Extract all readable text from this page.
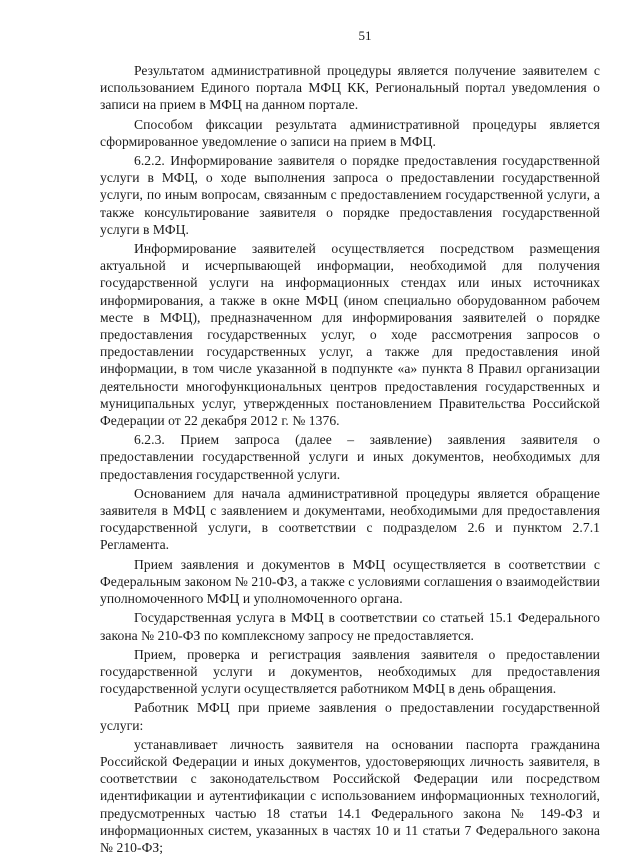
51

Результатом административной процедуры является получение заявителем с использованием Единого портала МФЦ КК, Региональный портал уведомления о записи на прием в МФЦ на данном портале.

Способом фиксации результата административной процедуры является сформированное уведомление о записи на прием в МФЦ.

6.2.2. Информирование заявителя о порядке предоставления государственной услуги в МФЦ, о ходе выполнения запроса о предоставлении государственной услуги, по иным вопросам, связанным с предоставлением государственной услуги, а также консультирование заявителя о порядке предоставления государственной услуги в МФЦ.

Информирование заявителей осуществляется посредством размещения актуальной и исчерпывающей информации, необходимой для получения государственной услуги на информационных стендах или иных источниках информирования, а также в окне МФЦ (ином специально оборудованном рабочем месте в МФЦ), предназначенном для информирования заявителей о порядке предоставления государственных услуг, о ходе рассмотрения запросов о предоставлении государственных услуг, а также для предоставления иной информации, в том числе указанной в подпункте «а» пункта 8 Правил организации деятельности многофункциональных центров предоставления государственных и муниципальных услуг, утвержденных постановлением Правительства Российской Федерации от 22 декабря 2012 г. № 1376.

6.2.3. Прием запроса (далее – заявление) заявления заявителя о предоставлении государственной услуги и иных документов, необходимых для предоставления государственной услуги.

Основанием для начала административной процедуры является обращение заявителя в МФЦ с заявлением и документами, необходимыми для предоставления государственной услуги, в соответствии с подразделом 2.6 и пунктом 2.7.1 Регламента.

Прием заявления и документов в МФЦ осуществляется в соответствии с Федеральным законом № 210-ФЗ, а также с условиями соглашения о взаимодействии уполномоченного МФЦ и уполномоченного органа.

Государственная услуга в МФЦ в соответствии со статьей 15.1 Федерального закона № 210-ФЗ по комплексному запросу не предоставляется.

Прием, проверка и регистрация заявления заявителя о предоставлении государственной услуги и документов, необходимых для предоставления государственной услуги осуществляется работником МФЦ в день обращения.

Работник МФЦ при приеме заявления о предоставлении государственной услуги:

устанавливает личность заявителя на основании паспорта гражданина Российской Федерации и иных документов, удостоверяющих личность заявителя, в соответствии с законодательством Российской Федерации или посредством идентификации и аутентификации с использованием информационных технологий, предусмотренных частью 18 статьи 14.1 Федерального закона № 149-ФЗ и информационных систем, указанных в частях 10 и 11 статьи 7 Федерального закона № 210-ФЗ;
